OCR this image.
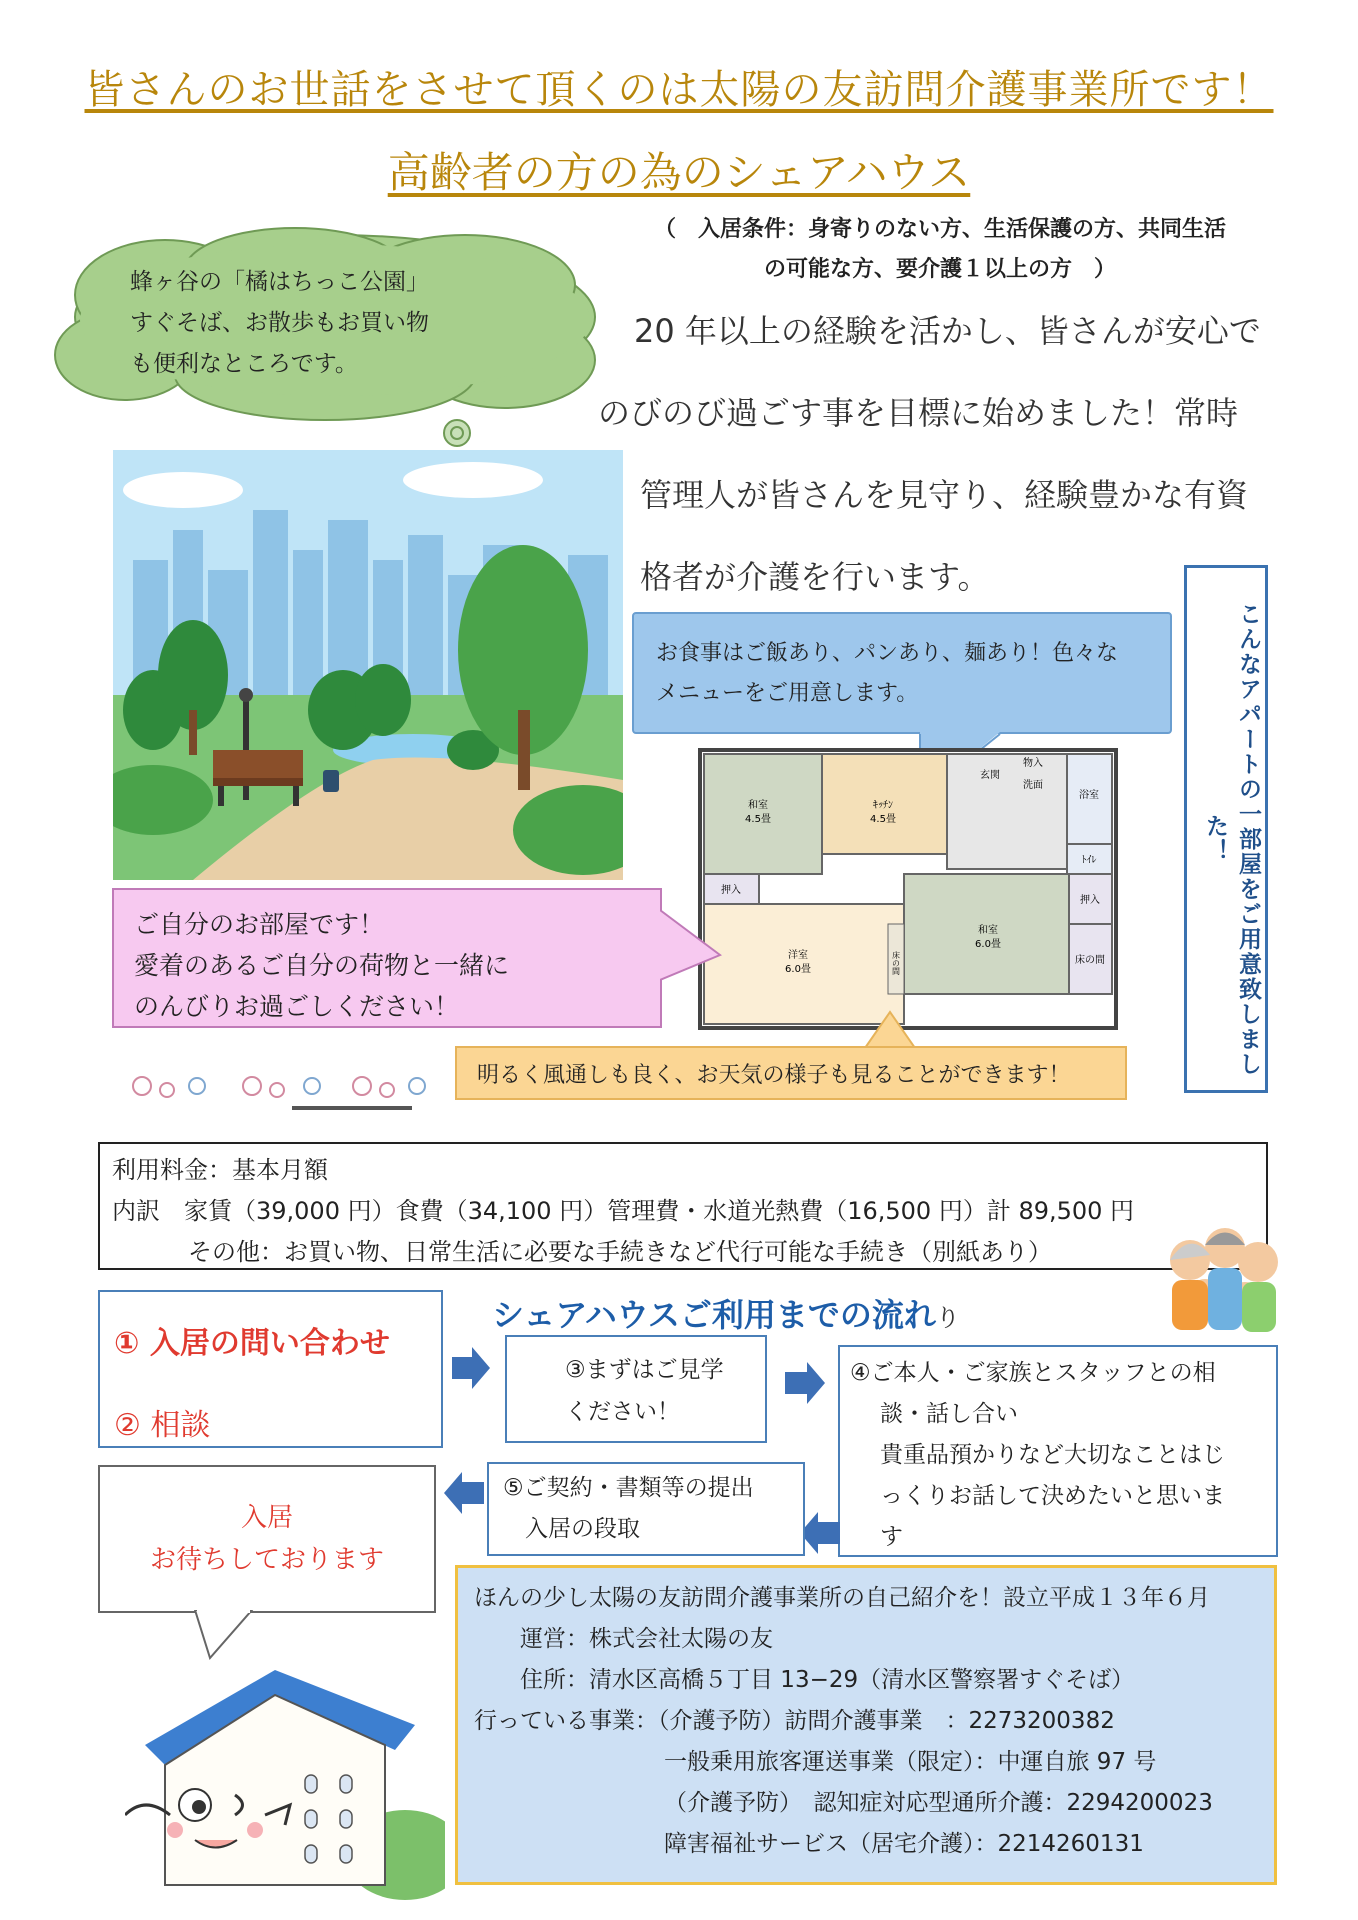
皆さんのお世話をさせて頂くのは太陽の友訪問介護事業所です！
高齢者の方の為のシェアハウス
（　入居条件：身寄りのない方、生活保護の方、共同生活
の可能な方、要介護１以上の方　）
蜂ヶ谷の「橘はちっこ公園」
すぐそば、お散歩もお買い物
も便利なところです。
20 年以上の経験を活かし、皆さんが安心で
のびのび過ごす事を目標に始めました！常時
管理人が皆さんを見守り、経験豊かな有資
格者が介護を行います。
こんなアパートの一部屋をご用意致しました！
お食事はご飯あり、パンあり、麺あり！色々な
メニューをご用意します。
和室
4.5畳
ｷｯﾁﾝ
4.5畳
玄関
物入
洗面
浴室
ﾄｲﾚ
押入
洋室
6.0畳
和室
6.0畳
押入
床の間
床の間
ご自分のお部屋です！
愛着のあるご自分の荷物と一緒に
のんびりお過ごしください！
明るく風通しも良く、お天気の様子も見ることができます！
利用料金：基本月額
内訳　家賃（39,000 円）食費（34,100 円）管理費・水道光熱費（16,500 円）計 89,500 円
その他：お買い物、日常生活に必要な手続きなど代行可能な手続き（別紙あり）
シェアハウスご利用までの流れり
① 入居の問い合わせ
② 相談
③まずはご見学
ください！
④ご本人・ご家族とスタッフとの相
談・話し合い
貴重品預かりなど大切なことはじ
っくりお話して決めたいと思いま
す
⑤ご契約・書類等の提出
入居の段取
入居
お待ちしております
ほんの少し太陽の友訪問介護事業所の自己紹介を！設立平成１３年６月
運営：株式会社太陽の友
住所：清水区高橋５丁目 13−29（清水区警察署すぐそば）
行っている事業：（介護予防）訪問介護事業　：2273200382
一般乗用旅客運送事業（限定）：中運自旅 97 号
（介護予防）　認知症対応型通所介護：2294200023
障害福祉サービス（居宅介護）：2214260131
